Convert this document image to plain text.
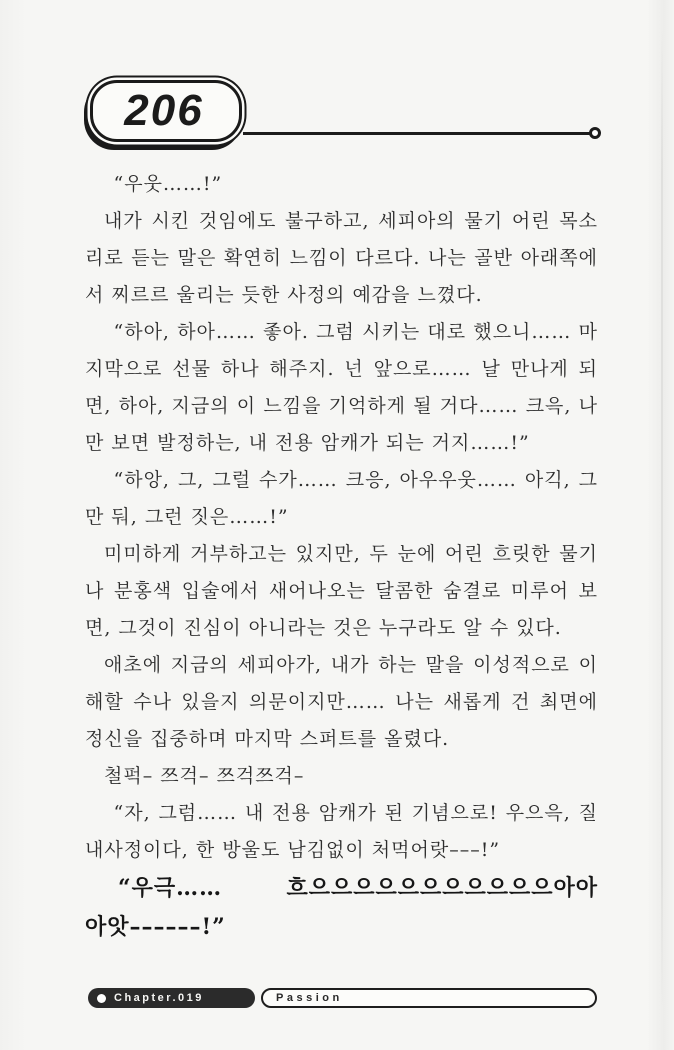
206
“우웃……!”
내가 시킨 것임에도 불구하고, 세피아의 물기 어린 목소
리로 듣는 말은 확연히 느낌이 다르다. 나는 골반 아래쪽에
서 찌르르 울리는 듯한 사정의 예감을 느꼈다.
“하아, 하아…… 좋아. 그럼 시키는 대로 했으니…… 마
지막으로 선물 하나 해주지. 넌 앞으로…… 날 만나게 되
면, 하아, 지금의 이 느낌을 기억하게 될 거다…… 크윽, 나
만 보면 발정하는, 내 전용 암캐가 되는 거지……!”
“하앙, 그, 그럴 수가…… 크응, 아우우웃…… 아긱, 그
만 둬, 그런 짓은……!”
미미하게 거부하고는 있지만, 두 눈에 어린 흐릿한 물기
나 분홍색 입술에서 새어나오는 달콤한 숨결로 미루어 보
면, 그것이 진심이 아니라는 것은 누구라도 알 수 있다.
애초에 지금의 세피아가, 내가 하는 말을 이성적으로 이
해할 수나 있을지 의문이지만…… 나는 새롭게 건 최면에
정신을 집중하며 마지막 스퍼트를 올렸다.
철퍽– 쯔걱– 쯔걱쯔걱–
“자, 그럼…… 내 전용 암캐가 된 기념으로! 우으윽, 질
내사정이다, 한 방울도 남김없이 처먹어랏–––!”
“우극…… 흐으으으으으으으으으으으아아
아앗––––––!”
Chapter.019	Passion
